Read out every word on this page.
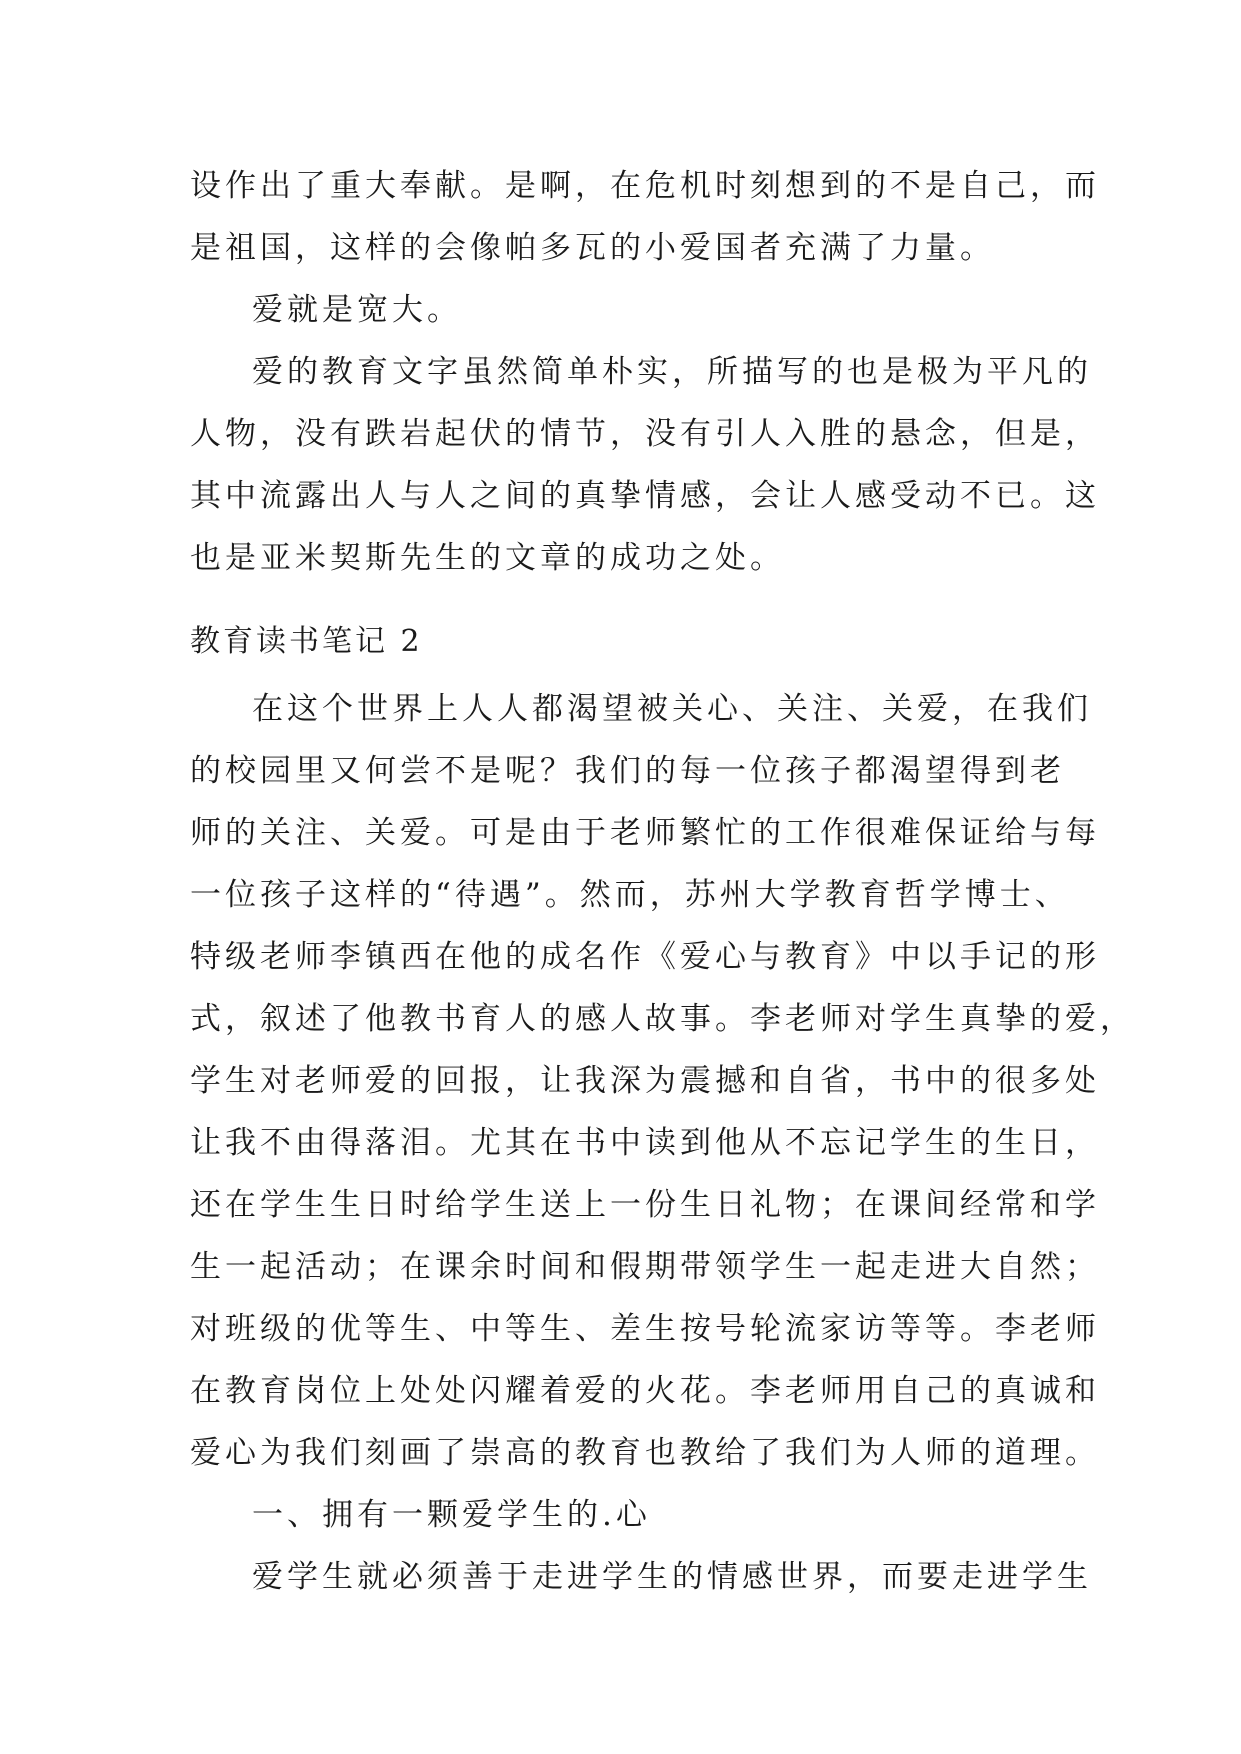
设作出了重大奉献。是啊，在危机时刻想到的不是自己，而
是祖国，这样的会像帕多瓦的小爱国者充满了力量。
爱就是宽大。
爱的教育文字虽然简单朴实，所描写的也是极为平凡的
人物，没有跌岩起伏的情节，没有引人入胜的悬念，但是，
其中流露出人与人之间的真挚情感，会让人感受动不已。这
也是亚米契斯先生的文章的成功之处。
教育读书笔记 2
在这个世界上人人都渴望被关心、关注、关爱，在我们
的校园里又何尝不是呢？我们的每一位孩子都渴望得到老
师的关注、关爱。可是由于老师繁忙的工作很难保证给与每
一位孩子这样的“待遇”。然而，苏州大学教育哲学博士、
特级老师李镇西在他的成名作《爱心与教育》中以手记的形
式，叙述了他教书育人的感人故事。李老师对学生真挚的爱，
学生对老师爱的回报，让我深为震撼和自省，书中的很多处
让我不由得落泪。尤其在书中读到他从不忘记学生的生日，
还在学生生日时给学生送上一份生日礼物；在课间经常和学
生一起活动；在课余时间和假期带领学生一起走进大自然；
对班级的优等生、中等生、差生按号轮流家访等等。李老师
在教育岗位上处处闪耀着爱的火花。李老师用自己的真诚和
爱心为我们刻画了崇高的教育也教给了我们为人师的道理。
一、拥有一颗爱学生的.心
爱学生就必须善于走进学生的情感世界，而要走进学生
